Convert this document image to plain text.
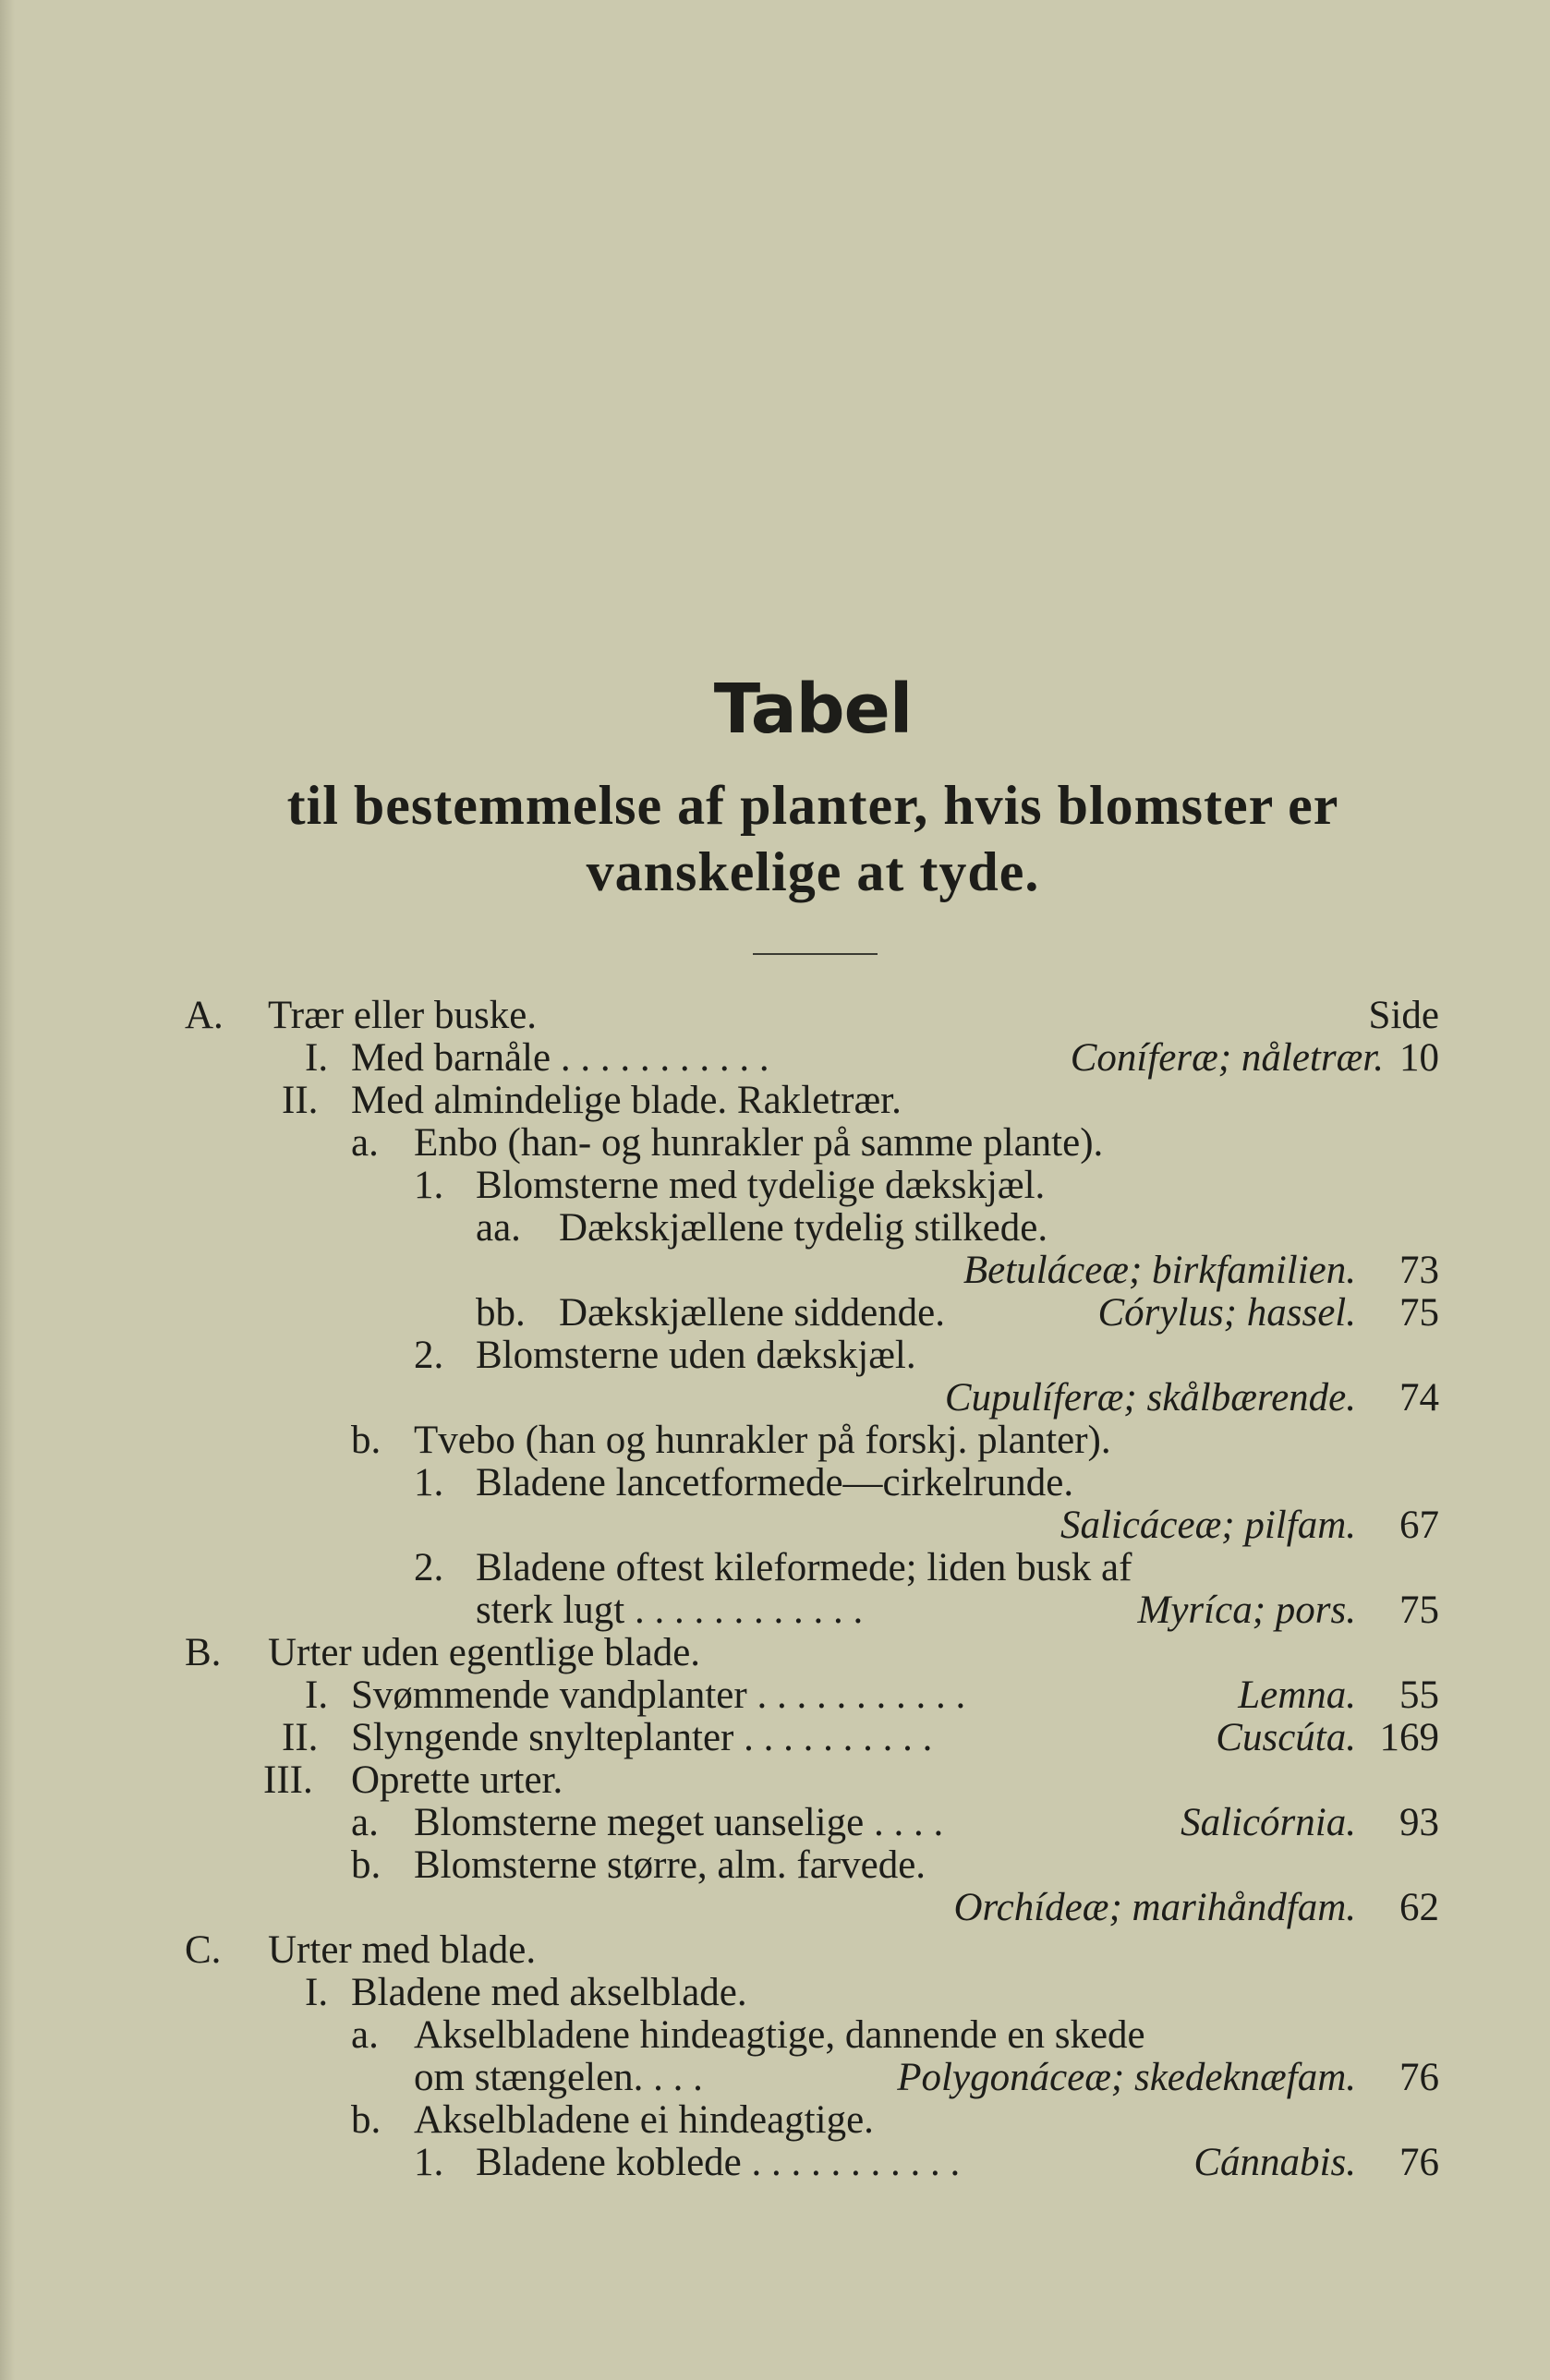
Tabel
til bestemmelse af planter, hvis blomster er
vanskelige at tyde.
Side
A. Trær eller buske.
I. Med barnåle . . . . . . . . . . .	Coníferæ; nåletrær. 10
II. Med almindelige blade. Rakletrær.
a. Enbo (han- og hunrakler på samme plante).
1. Blomsterne med tydelige dækskjæl.
aa. Dækskjællene tydelig stilkede.
Betuláceæ; birkfamilien. 73
bb. Dækskjællene siddende.	Córylus; hassel. 75
2. Blomsterne uden dækskjæl.
Cupulíferæ; skålbærende. 74
b. Tvebo (han og hunrakler på forskj. planter).
1. Bladene lancetformede—cirkelrunde.
Salicáceæ; pilfam. 67
2. Bladene oftest kileformede; liden busk af
sterk lugt . . . . . . . . . . . .	Myríca; pors. 75
B. Urter uden egentlige blade.
I. Svømmende vandplanter . . . . . . . . . . .	Lemna. 55
II. Slyngende snylteplanter . . . . . . . . . .	Cuscúta. 169
III. Oprette urter.
a. Blomsterne meget uanselige . . . .	Salicórnia. 93
b. Blomsterne større, alm. farvede.
Orchídeæ; marihåndfam. 62
C. Urter med blade.
I. Bladene med akselblade.
a. Akselbladene hindeagtige, dannende en skede
om stængelen. . . .	Polygonáceæ; skedeknæfam. 76
b. Akselbladene ei hindeagtige.
1. Bladene koblede . . . . . . . . . . .	Cánnabis. 76
